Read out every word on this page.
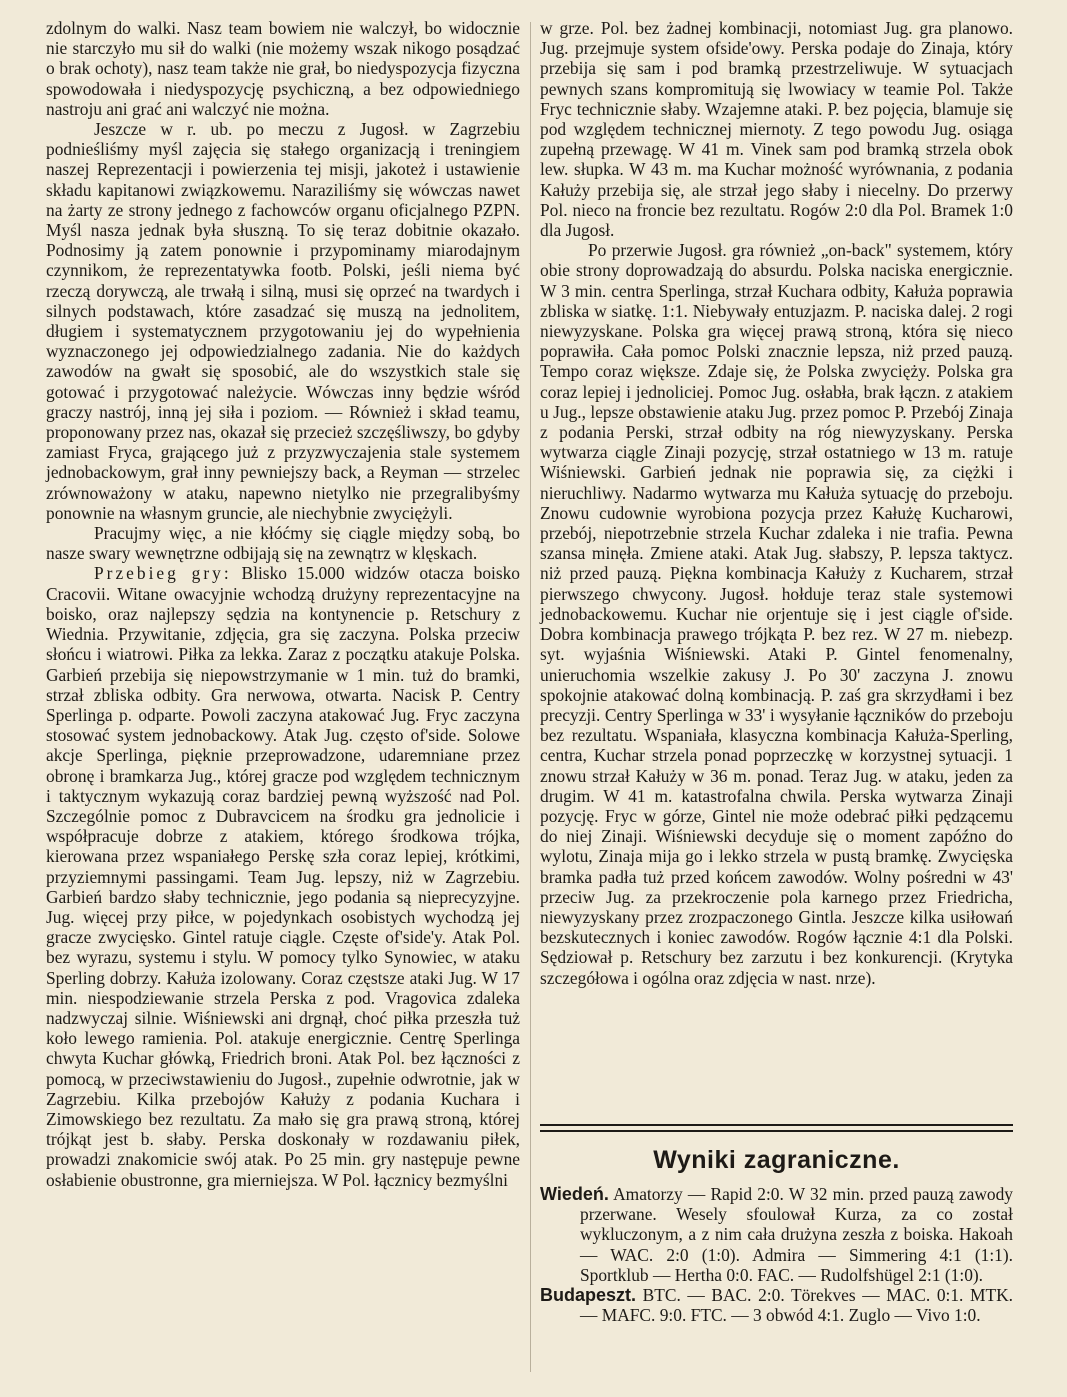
zdolnym do walki. Nasz team bowiem nie walczył, bo widocznie nie starczyło mu sił do walki (nie możemy wszak nikogo posądzać o brak ochoty), nasz team także nie grał, bo niedyspozycja fizyczna spowodowała i niedyspozycję psychiczną, a bez odpowiedniego nastroju ani grać ani walczyć nie można.

Jeszcze w r. ub. po meczu z Jugosł. w Zagrzebiu podnieśliśmy myśl zajęcia się stałego organizacją i treningiem naszej Reprezentacji i powierzenia tej misji, jakoteż i ustawienie składu kapitanowi związkowemu. Naraziliśmy się wówczas nawet na żarty ze strony jednego z fachowców organu oficjalnego PZPN. Myśl nasza jednak była słuszną. To się teraz dobitnie okazało. Podnosimy ją zatem ponownie i przypominamy miarodajnym czynnikom, że reprezentatywka footb. Polski, jeśli niema być rzeczą dorywczą, ale trwałą i silną, musi się oprzeć na twardych i silnych podstawach, które zasadzać się muszą na jednolitem, długiem i systematycznem przygotowaniu jej do wypełnienia wyznaczonego jej odpowiedzialnego zadania. Nie do każdych zawodów na gwałt się sposobić, ale do wszystkich stale się gotować i przygotować należycie. Wówczas inny będzie wśród graczy nastrój, inną jej siła i poziom. — Również i skład teamu, proponowany przez nas, okazał się przecież szczęśliwszy, bo gdyby zamiast Fryca, grającego już z przyzwyczajenia stale systemem jednobackowym, grał inny pewniejszy back, a Reyman — strzelec zrównoważony w ataku, napewno nietylko nie przegralibyśmy ponownie na własnym gruncie, ale niechybnie zwyciężyli.

Pracujmy więc, a nie kłóćmy się ciągle między sobą, bo nasze swary wewnętrzne odbijają się na zewnątrz w klęskach.

Przebieg gry: Blisko 15.000 widzów otacza boisko Cracovii. Witane owacyjnie wchodzą drużyny reprezentacyjne na boisko, oraz najlepszy sędzia na kontynencie p. Retschury z Wiednia. Przywitanie, zdjęcia, gra się zaczyna. Polska przeciw słońcu i wiatrowi. Piłka za lekka. Zaraz z początku atakuje Polska. Garbień przebija się niepowstrzymanie w 1 min. tuż do bramki, strzał zbliska odbity. Gra nerwowa, otwarta. Nacisk P. Centry Sperlinga p. odparte. Powoli zaczyna atakować Jug. Fryc zaczyna stosować system jednobackowy. Atak Jug. często of'side. Solowe akcje Sperlinga, pięknie przeprowadzone, udaremniane przez obronę i bramkarza Jug., której gracze pod względem technicznym i taktycznym wykazują coraz bardziej pewną wyższość nad Pol. Szczególnie pomoc z Dubravcicem na środku gra jednolicie i współpracuje dobrze z atakiem, którego środkowa trójka, kierowana przez wspaniałego Perskę szła coraz lepiej, krótkimi, przyziemnymi passingami. Team Jug. lepszy, niż w Zagrzebiu. Garbień bardzo słaby technicznie, jego podania są nieprecyzyjne. Jug. więcej przy piłce, w pojedynkach osobistych wychodzą jej gracze zwycięsko. Gintel ratuje ciągle. Częste of'side'y. Atak Pol. bez wyrazu, systemu i stylu. W pomocy tylko Synowiec, w ataku Sperling dobrzy. Kałuża izolowany. Coraz częstsze ataki Jug. W 17 min. niespodziewanie strzela Perska z pod. Vragovica zdaleka nadzwyczaj silnie. Wiśniewski ani drgnął, choć piłka przeszła tuż koło lewego ramienia. Pol. atakuje energicznie. Centrę Sperlinga chwyta Kuchar główką, Friedrich broni. Atak Pol. bez łączności z pomocą, w przeciwstawieniu do Jugosł., zupełnie odwrotnie, jak w Zagrzebiu. Kilka przebojów Kałuży z podania Kuchara i Zimowskiego bez rezultatu. Za mało się gra prawą stroną, której trójkąt jest b. słaby. Perska doskonały w rozdawaniu piłek, prowadzi znakomicie swój atak. Po 25 min. gry następuje pewne osłabienie obustronne, gra mierniejsza. W Pol. łącznicy bezmyślni

w grze. Pol. bez żadnej kombinacji, notomiast Jug. gra planowo. Jug. przejmuje system ofside'owy. Perska podaje do Zinaja, który przebija się sam i pod bramką przestrzeliwuje. W sytuacjach pewnych szans kompromitują się lwowiacy w teamie Pol. Także Fryc technicznie słaby. Wzajemne ataki. P. bez pojęcia, blamuje się pod względem technicznej miernoty. Z tego powodu Jug. osiąga zupełną przewagę. W 41 m. Vinek sam pod bramką strzela obok lew. słupka. W 43 m. ma Kuchar możność wyrównania, z podania Kałuży przebija się, ale strzał jego słaby i niecelny. Do przerwy Pol. nieco na froncie bez rezultatu. Rogów 2:0 dla Pol. Bramek 1:0 dla Jugosł.

Po przerwie Jugosł. gra również „on-back" systemem, który obie strony doprowadzają do absurdu. Polska naciska energicznie. W 3 min. centra Sperlinga, strzał Kuchara odbity, Kałuża poprawia zbliska w siatkę. 1:1. Niebywały entuzjazm. P. naciska dalej. 2 rogi niewyzyskane. Polska gra więcej prawą stroną, która się nieco poprawiła. Cała pomoc Polski znacznie lepsza, niż przed pauzą. Tempo coraz większe. Zdaje się, że Polska zwycięży. Polska gra coraz lepiej i jednoliciej. Pomoc Jug. osłabła, brak łączn. z atakiem u Jug., lepsze obstawienie ataku Jug. przez pomoc P. Przebój Zinaja z podania Perski, strzał odbity na róg niewyzyskany. Perska wytwarza ciągle Zinaji pozycję, strzał ostatniego w 13 m. ratuje Wiśniewski. Garbień jednak nie poprawia się, za ciężki i nieruchliwy. Nadarmo wytwarza mu Kałuża sytuację do przeboju. Znowu cudownie wyrobiona pozycja przez Kałużę Kucharowi, przebój, niepotrzebnie strzela Kuchar zdaleka i nie trafia. Pewna szansa minęła. Zmiene ataki. Atak Jug. słabszy, P. lepsza taktycz. niż przed pauzą. Piękna kombinacja Kałuży z Kucharem, strzał pierwszego chwycony. Jugosł. hołduje teraz stale systemowi jednobackowemu. Kuchar nie orjentuje się i jest ciągle of'side. Dobra kombinacja prawego trójkąta P. bez rez. W 27 m. niebezp. syt. wyjaśnia Wiśniewski. Ataki P. Gintel fenomenalny, unieruchomia wszelkie zakusy J. Po 30' zaczyna J. znowu spokojnie atakować dolną kombinacją. P. zaś gra skrzydłami i bez precyzji. Centry Sperlinga w 33' i wysyłanie łączników do przeboju bez rezultatu. Wspaniała, klasyczna kombinacja Kałuża-Sperling, centra, Kuchar strzela ponad poprzeczkę w korzystnej sytuacji. 1 znowu strzał Kałuży w 36 m. ponad. Teraz Jug. w ataku, jeden za drugim. W 41 m. katastrofalna chwila. Perska wytwarza Zinaji pozycję. Fryc w górze, Gintel nie może odebrać piłki pędzącemu do niej Zinaji. Wiśniewski decyduje się o moment zapóźno do wylotu, Zinaja mija go i lekko strzela w pustą bramkę. Zwycięska bramka padła tuż przed końcem zawodów. Wolny pośredni w 43' przeciw Jug. za przekroczenie pola karnego przez Friedricha, niewyzyskany przez zrozpaczonego Gintla. Jeszcze kilka usiłowań bezskutecznych i koniec zawodów. Rogów łącznie 4:1 dla Polski. Sędziował p. Retschury bez zarzutu i bez konkurencji. (Krytyka szczegółowa i ogólna oraz zdjęcia w nast. nrze).

Wyniki zagraniczne.

Wiedeń. Amatorzy — Rapid 2:0. W 32 min. przed pauzą zawody przerwane. Wesely sfoulował Kurza, za co został wykluczonym, a z nim cała drużyna zeszła z boiska. Hakoah — WAC. 2:0 (1:0). Admira — Simmering 4:1 (1:1). Sportklub — Hertha 0:0. FAC. — Rudolfshügel 2:1 (1:0).

Budapeszt. BTC. — BAC. 2:0. Törekves — MAC. 0:1. MTK. — MAFC. 9:0. FTC. — 3 obwód 4:1. Zuglo — Vivo 1:0.
